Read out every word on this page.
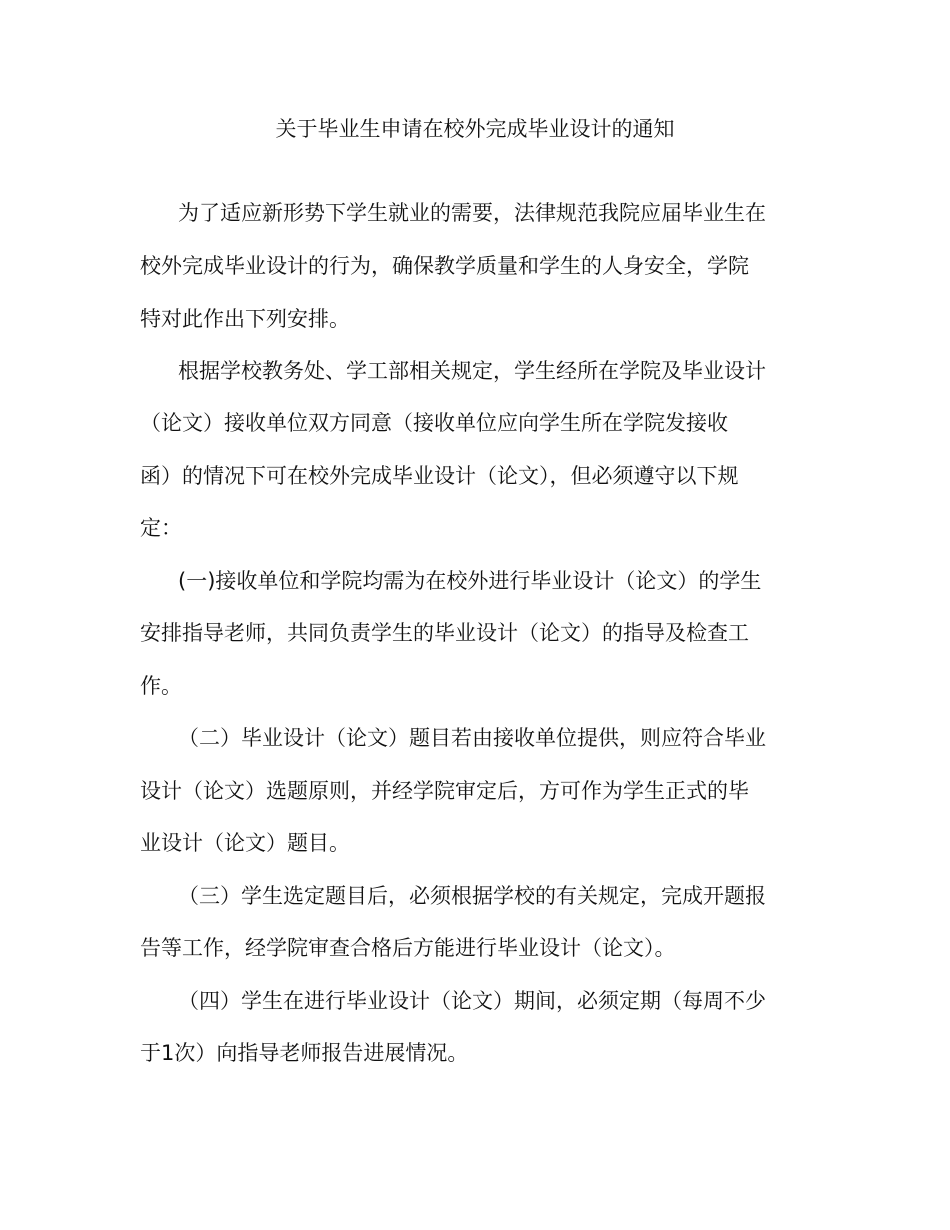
关于毕业生申请在校外完成毕业设计的通知
为了适应新形势下学生就业的需要，法律规范我院应届毕业生在
校外完成毕业设计的行为，确保教学质量和学生的人身安全，学院
特对此作出下列安排。
根据学校教务处、学工部相关规定，学生经所在学院及毕业设计
（论文）接收单位双方同意（接收单位应向学生所在学院发接收
函）的情况下可在校外完成毕业设计（论文），但必须遵守以下规
定：
(一)接收单位和学院均需为在校外进行毕业设计（论文）的学生
安排指导老师，共同负责学生的毕业设计（论文）的指导及检查工
作。
（二）毕业设计（论文）题目若由接收单位提供，则应符合毕业
设计（论文）选题原则，并经学院审定后，方可作为学生正式的毕
业设计（论文）题目。
（三）学生选定题目后，必须根据学校的有关规定，完成开题报
告等工作，经学院审查合格后方能进行毕业设计（论文）。
（四）学生在进行毕业设计（论文）期间，必须定期（每周不少
于1次）向指导老师报告进展情况。
